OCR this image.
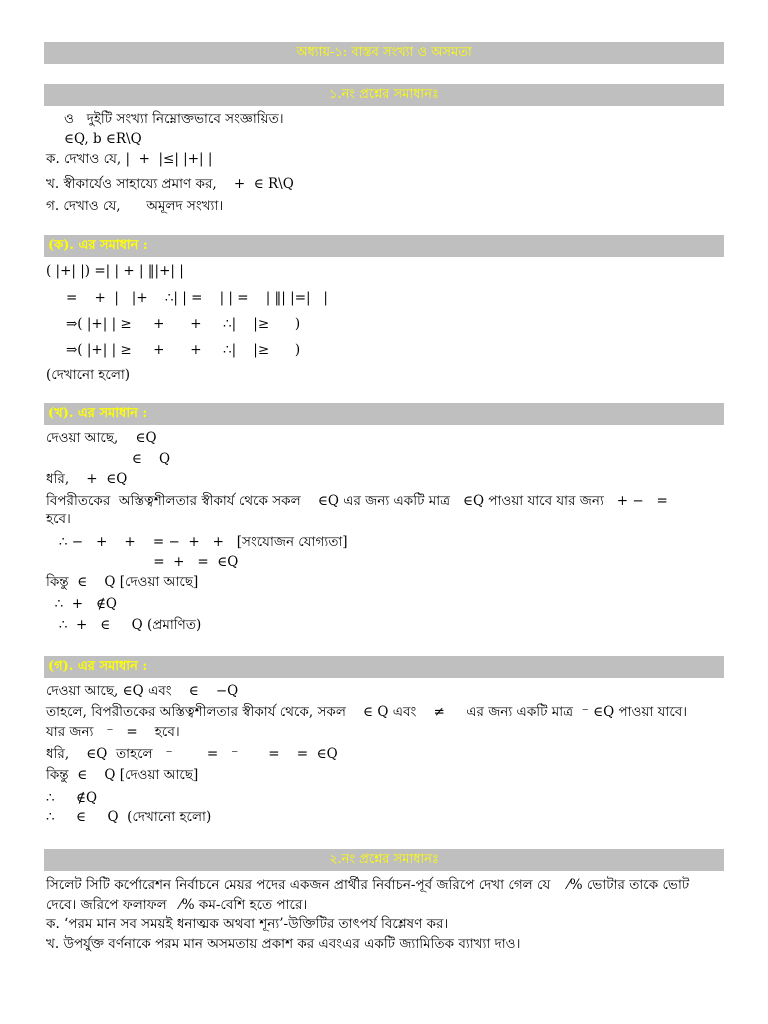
অধ্যায়-১: বাস্তব সংখ্যা ও অসমতা
১.নং প্রশ্নের সমাধানঃ
ও   দুইটি সংখ্যা নিম্নোক্তভাবে সংজ্ঞায়িত।
∈Q, b ∈R\Q
ক. দেখাও যে, |  +  |≤| |+| |
খ. স্বীকার্যেও সাহায্যে প্রমাণ কর,    +  ∈ R\Q
গ. দেখাও যে,      অমূলদ সংখ্যা।
(ক). এর সমাধান :
( |+| |) =| | + | ‖|+| |
=    +  |   |+    ∴| | =    | | =    | ‖| |=|   |
⇒( |+| | ≥     +      +     ∴|    |≥      )
⇒( |+| | ≥     +      +     ∴|    |≥      )
(দেখানো হলো)
(খ). এর সমাধান :
দেওয়া আছে,    ∈Q
∈    Q
ধরি,    +  ∈Q
বিপরীতকের  অস্তিত্বশীলতার স্বীকার্য থেকে সকল    ∈Q এর জন্য একটি মাত্র   ∈Q পাওয়া যাবে যার জন্য   + −   =
হবে।
∴ −   +    +    = −  +   +   [সংযোজন যোগ্যতা]
=  +   =  ∈Q
কিন্তু  ∈    Q [দেওয়া আছে]
∴  +   ∉Q
∴  +   ∈     Q (প্রমাণিত)
(গ). এর সমাধান :
দেওয়া আছে, ∈Q এবং    ∈    −Q
তাহলে, বিপরীতকের অস্তিত্বশীলতার স্বীকার্য থেকে, সকল    ∈ Q এবং    ≠     এর জন্য একটি মাত্র  ⁻ ∈Q পাওয়া যাবে।
যার জন্য   ⁻   =    হবে।
ধরি,    ∈Q  তাহলে   ⁻        =   ⁻       =    =  ∈Q
কিন্তু  ∈    Q [দেওয়া আছে]
∴     ∉Q
∴     ∈     Q  (দেখানো হলো)
২.নং প্রশ্নের সমাধানঃ
সিলেট সিটি কর্পোরেশন নির্বাচনে মেয়র পদের একজন প্রার্থীর নির্বাচন-পূর্ব জরিপে দেখা গেল যে    ⁄% ভোটার তাকে ভোট
দেবে। জরিপে ফলাফল   ⁄% কম-বেশি হতে পারে।
ক. ‘পরম মান সব সময়ই ধনাত্মক অথবা শূন্য’-উক্তিটির তাৎপর্য বিশ্লেষণ কর।
খ. উপর্যুক্ত বর্ণনাকে পরম মান অসমতায় প্রকাশ কর এবংএর একটি জ্যামিতিক ব্যাখ্যা দাও।
